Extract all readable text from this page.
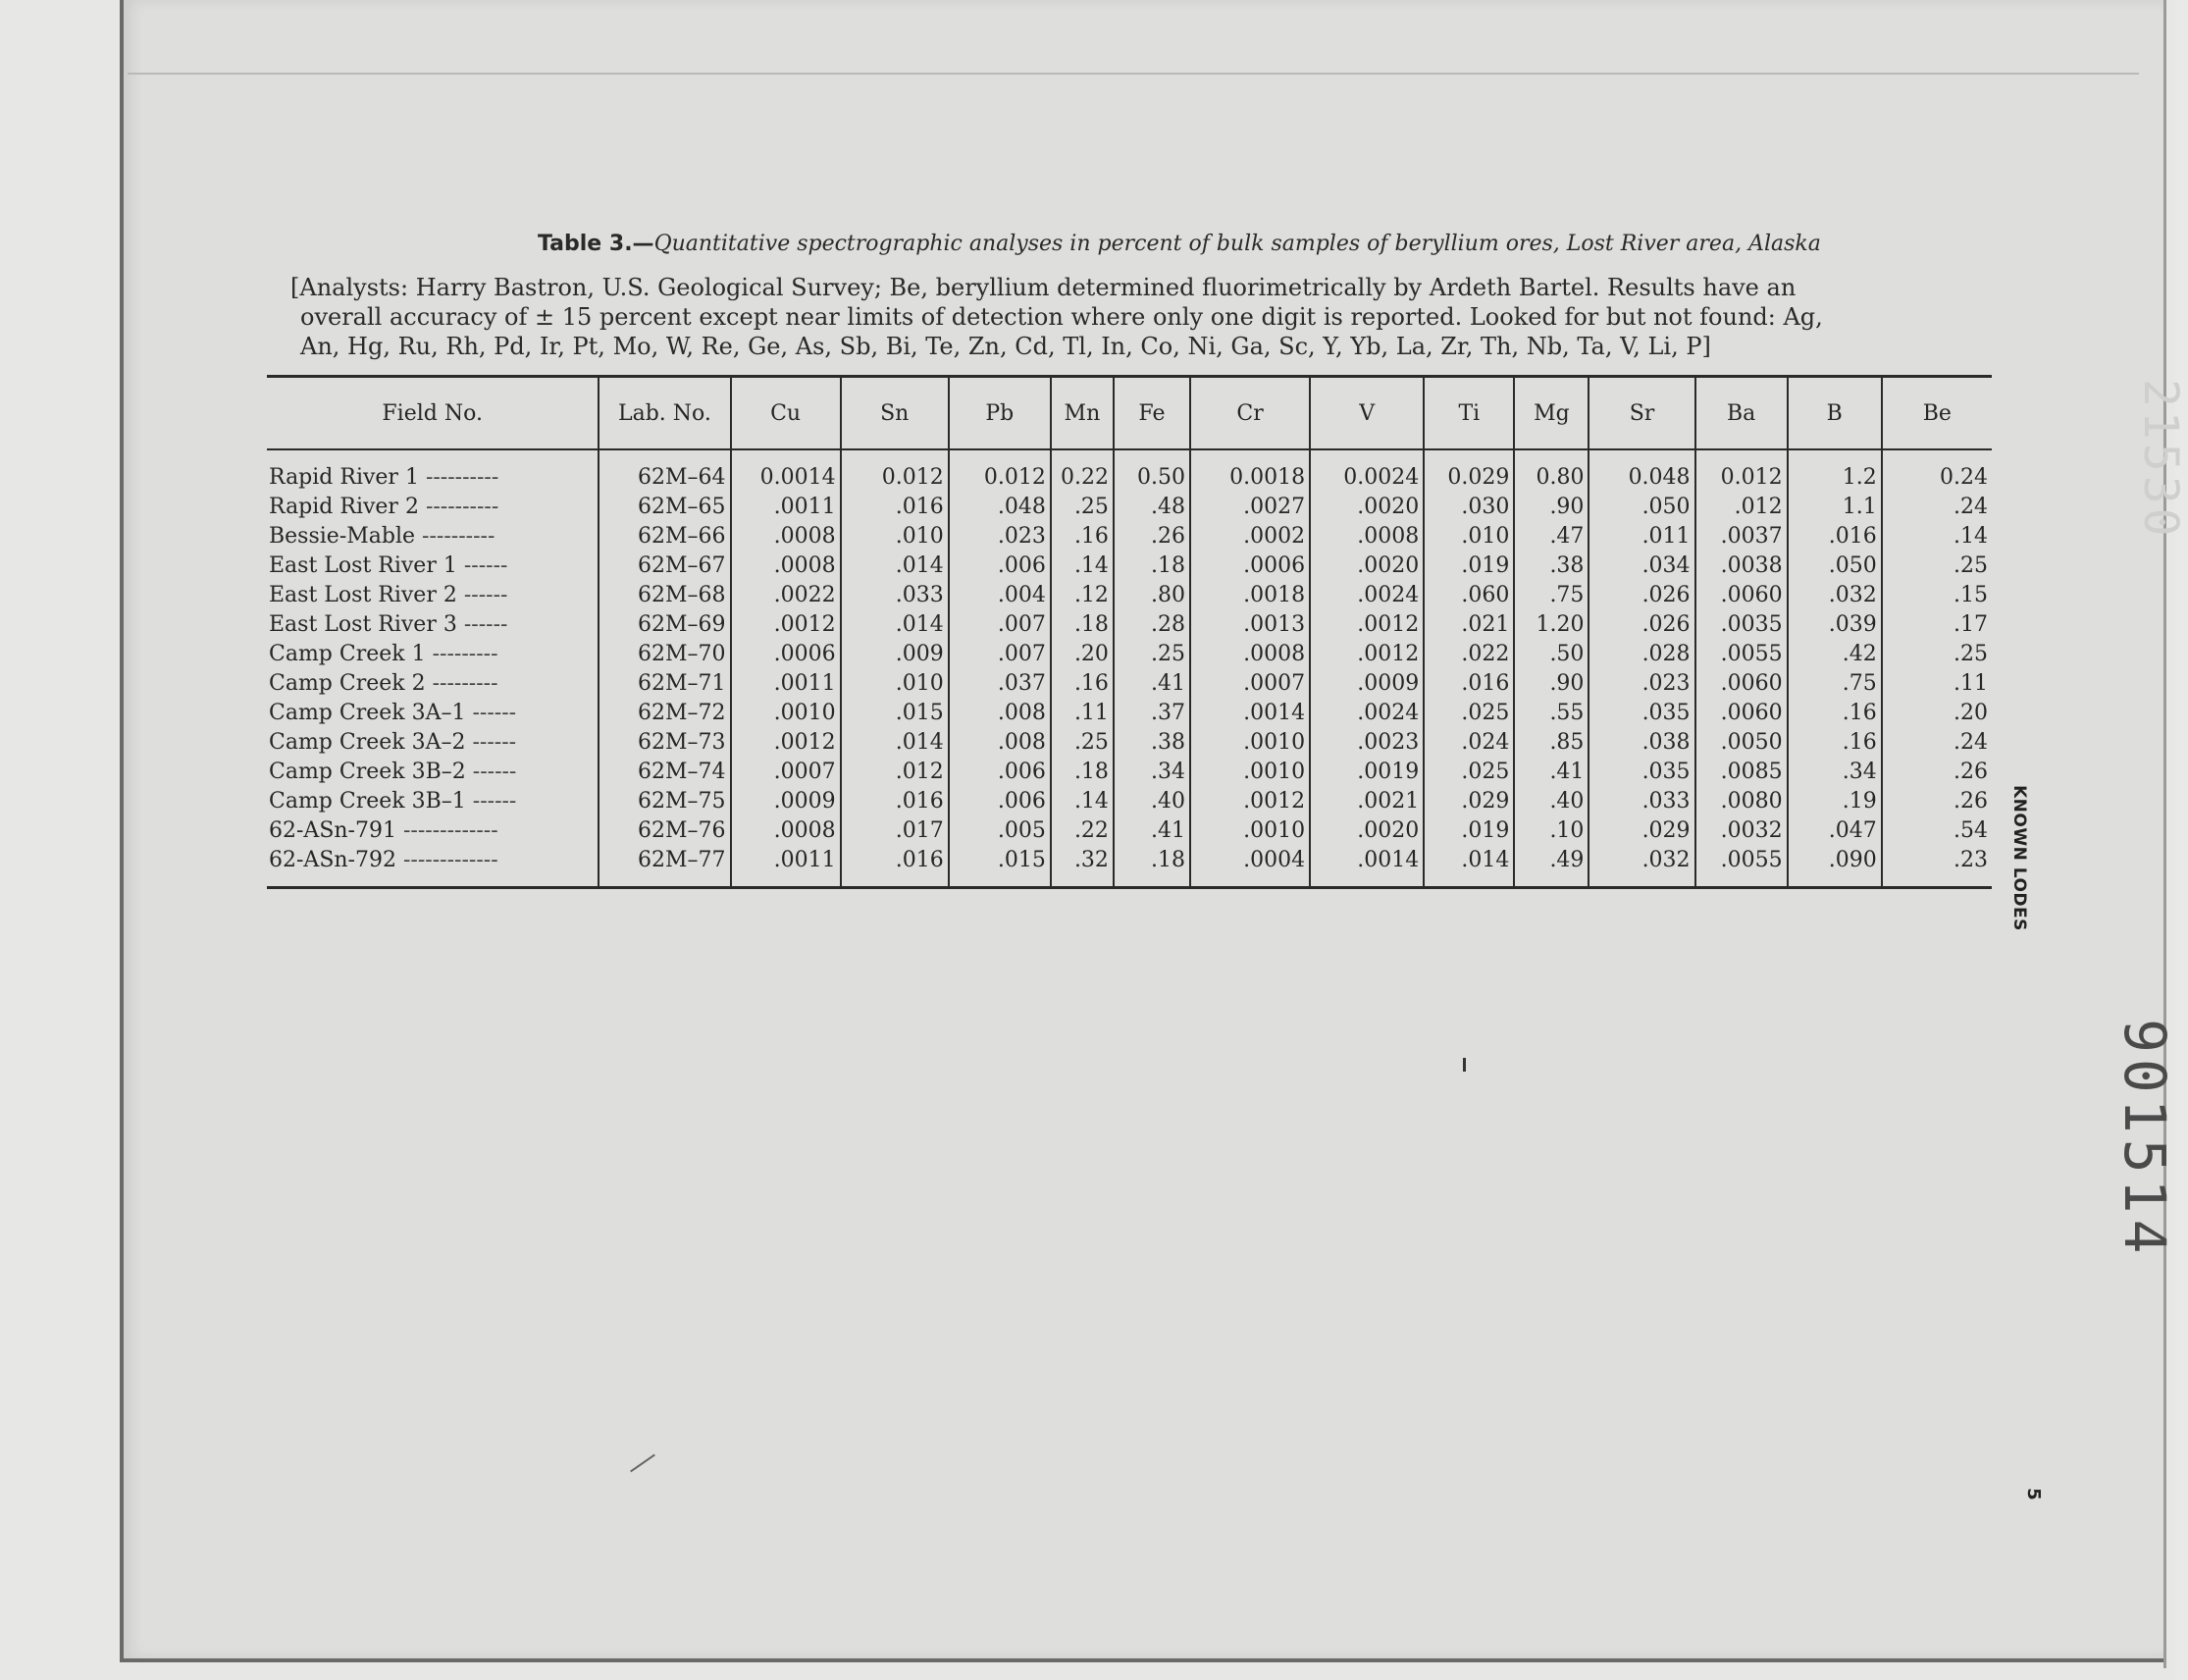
Table 3.—Quantitative spectrographic analyses in percent of bulk samples of beryllium ores, Lost River area, Alaska
[Analysts: Harry Bastron, U.S. Geological Survey; Be, beryllium determined fluorimetrically by Ardeth Bartel. Results have an
overall accuracy of ± 15 percent except near limits of detection where only one digit is reported. Looked for but not found: Ag,
An, Hg, Ru, Rh, Pd, Ir, Pt, Mo, W, Re, Ge, As, Sb, Bi, Te, Zn, Cd, Tl, In, Co, Ni, Ga, Sc, Y, Yb, La, Zr, Th, Nb, Ta, V, Li, P]
Field No.	Lab. No.	Cu	Sn	Pb	Mn	Fe	Cr	V	Ti	Mg	Sr	Ba	B	Be
Rapid River 1 ----------	62M–64	0.0014	0.012	0.012	0.22	0.50	0.0018	0.0024	0.029	0.80	0.048	0.012	1.2	0.24
Rapid River 2 ----------	62M–65	.0011	.016	.048	.25	.48	.0027	.0020	.030	.90	.050	.012	1.1	.24
Bessie-Mable ----------	62M–66	.0008	.010	.023	.16	.26	.0002	.0008	.010	.47	.011	.0037	.016	.14
East Lost River 1 ------	62M–67	.0008	.014	.006	.14	.18	.0006	.0020	.019	.38	.034	.0038	.050	.25
East Lost River 2 ------	62M–68	.0022	.033	.004	.12	.80	.0018	.0024	.060	.75	.026	.0060	.032	.15
East Lost River 3 ------	62M–69	.0012	.014	.007	.18	.28	.0013	.0012	.021	1.20	.026	.0035	.039	.17
Camp Creek 1 ---------	62M–70	.0006	.009	.007	.20	.25	.0008	.0012	.022	.50	.028	.0055	.42	.25
Camp Creek 2 ---------	62M–71	.0011	.010	.037	.16	.41	.0007	.0009	.016	.90	.023	.0060	.75	.11
Camp Creek 3A–1 ------	62M–72	.0010	.015	.008	.11	.37	.0014	.0024	.025	.55	.035	.0060	.16	.20
Camp Creek 3A–2 ------	62M–73	.0012	.014	.008	.25	.38	.0010	.0023	.024	.85	.038	.0050	.16	.24
Camp Creek 3B–2 ------	62M–74	.0007	.012	.006	.18	.34	.0010	.0019	.025	.41	.035	.0085	.34	.26
Camp Creek 3B–1 ------	62M–75	.0009	.016	.006	.14	.40	.0012	.0021	.029	.40	.033	.0080	.19	.26
62-ASn-791 -------------	62M–76	.0008	.017	.005	.22	.41	.0010	.0020	.019	.10	.029	.0032	.047	.54
62-ASn-792 -------------	62M–77	.0011	.016	.015	.32	.18	.0004	.0014	.014	.49	.032	.0055	.090	.23 KNOWN LODES
5
901514
21530
